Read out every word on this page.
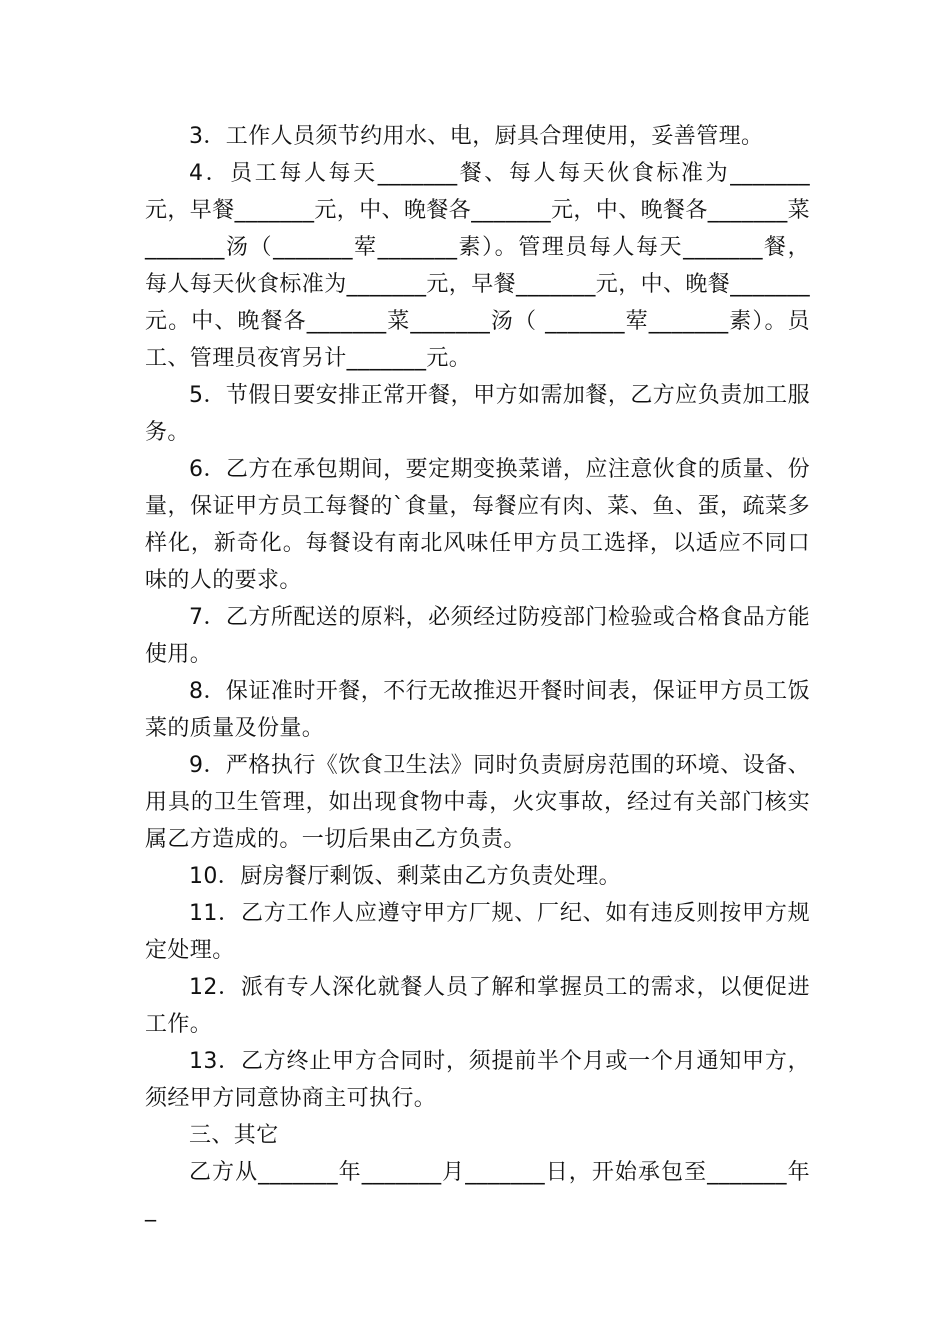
3．工作人员须节约用水、电，厨具合理使用，妥善管理。

4．员工每人每天_______餐、每人每天伙食标准为_______元，早餐_______元，中、晚餐各_______元，中、晚餐各_______菜_______汤（_______荤_______素）。管理员每人每天_______餐，每人每天伙食标准为_______元，早餐_______元，中、晚餐_______元。中、晚餐各_______菜_______汤（ _______荤_______素）。员工、管理员夜宵另计_______元。

5．节假日要安排正常开餐，甲方如需加餐，乙方应负责加工服务。

6．乙方在承包期间，要定期变换菜谱，应注意伙食的质量、份量，保证甲方员工每餐的`食量，每餐应有肉、菜、鱼、蛋，疏菜多样化，新奇化。每餐设有南北风味任甲方员工选择，以适应不同口味的人的要求。

7．乙方所配送的原料，必须经过防疫部门检验或合格食品方能使用。

8．保证准时开餐，不行无故推迟开餐时间表，保证甲方员工饭菜的质量及份量。

9．严格执行《饮食卫生法》同时负责厨房范围的环境、设备、用具的卫生管理，如出现食物中毒，火灾事故，经过有关部门核实属乙方造成的。一切后果由乙方负责。

10．厨房餐厅剩饭、剩菜由乙方负责处理。

11．乙方工作人应遵守甲方厂规、厂纪、如有违反则按甲方规定处理。

12．派有专人深化就餐人员了解和掌握员工的需求，以便促进工作。

13．乙方终止甲方合同时，须提前半个月或一个月通知甲方，须经甲方同意协商主可执行。

三、其它

乙方从_______年_______月_______日，开始承包至_______年_
